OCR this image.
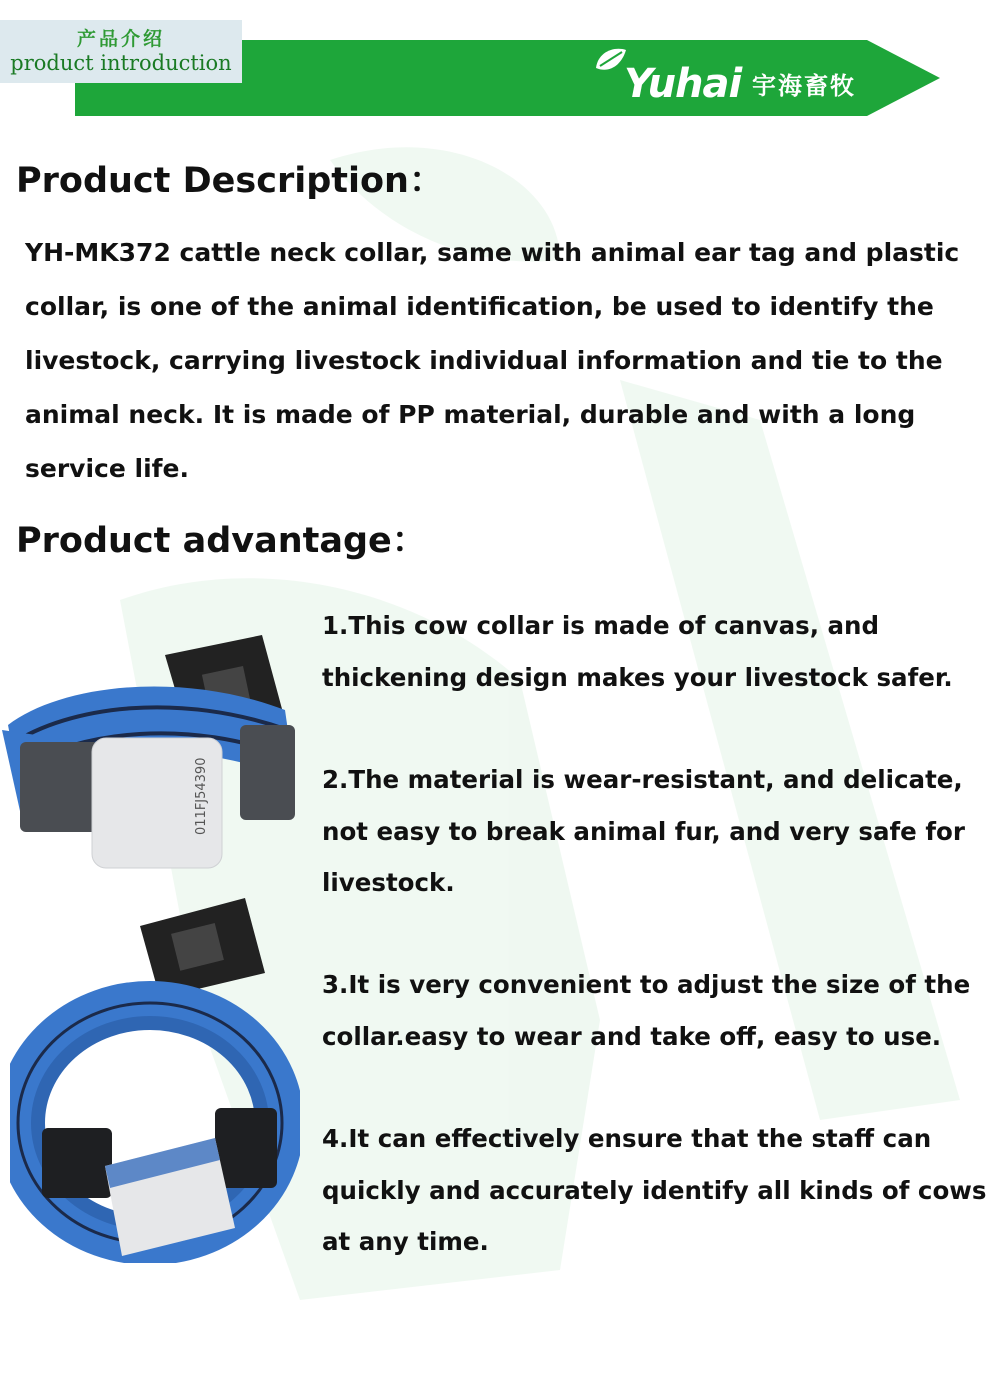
产品介绍
product introduction	Yuhai 宇海畜牧
Product Description：

YH-MK372 cattle neck collar, same with animal ear tag and plastic collar, is one of the animal identification, be used to identify the livestock, carrying livestock individual information and tie to the animal neck. It is made of PP material, durable and with a long service life.

Product advantage：

1.This cow collar is made of canvas, and thickening design makes your livestock safer.

2.The material is wear-resistant, and delicate, not easy to break animal fur, and very safe for livestock.

3.It is very convenient to adjust the size of the collar.easy to wear and take off, easy to use.

4.It can effectively ensure that the staff can quickly and accurately identify all kinds of cows at any time.

011FJ54390
